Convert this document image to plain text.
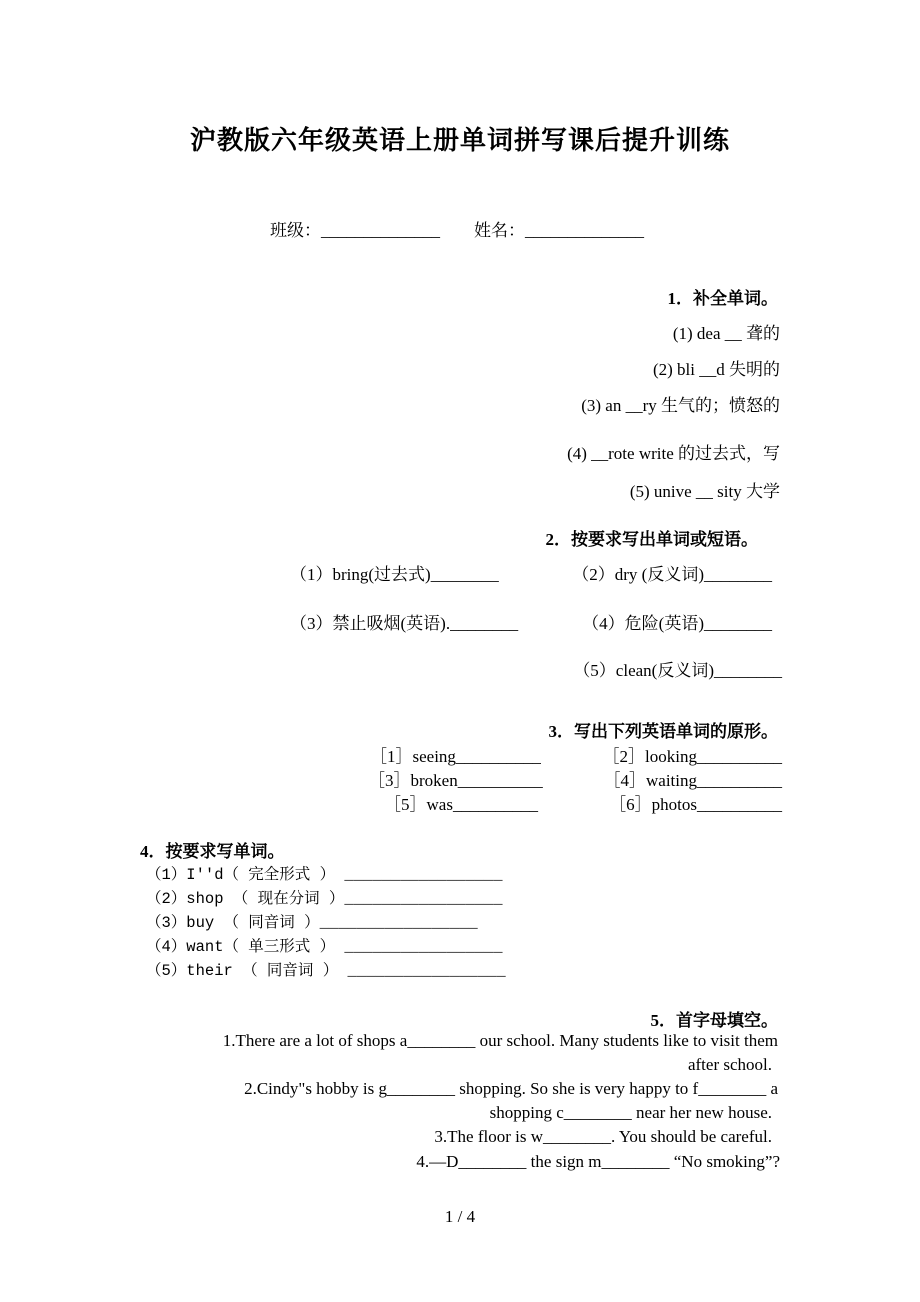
沪教版六年级英语上册单词拼写课后提升训练
班级：______________ 姓名：______________
1．补全单词。
(1) dea __ 聋的
(2) bli __d 失明的
(3) an __ry 生气的；愤怒的
(4) __rote write 的过去式，写
(5) unive __ sity 大学
2．按要求写出单词或短语。
（1）bring(过去式)________	（2）dry (反义词)________
（3）禁止吸烟(英语).________	（4）危险(英语)________
（5）clean(反义词)________
3．写出下列英语单词的原形。
［1］seeing__________	［2］looking__________
［3］broken__________	［4］waiting__________
［5］was__________	［6］photos__________
4．按要求写单词。
（1）I''d（ 完全形式 ） _________________
（2）shop （ 现在分词 ）_________________
（3）buy （ 同音词 ）_________________
（4）want（ 单三形式 ） _________________
（5）their （ 同音词 ） _________________
5．首字母填空。
1.There are a lot of shops a________ our school. Many students like to visit them
after school.
2.Cindy"s hobby is g________ shopping. So she is very happy to f________ a
shopping c________ near her new house.
3.The floor is w________. You should be careful.
4.—D________ the sign m________ “No smoking”?
1 / 4
